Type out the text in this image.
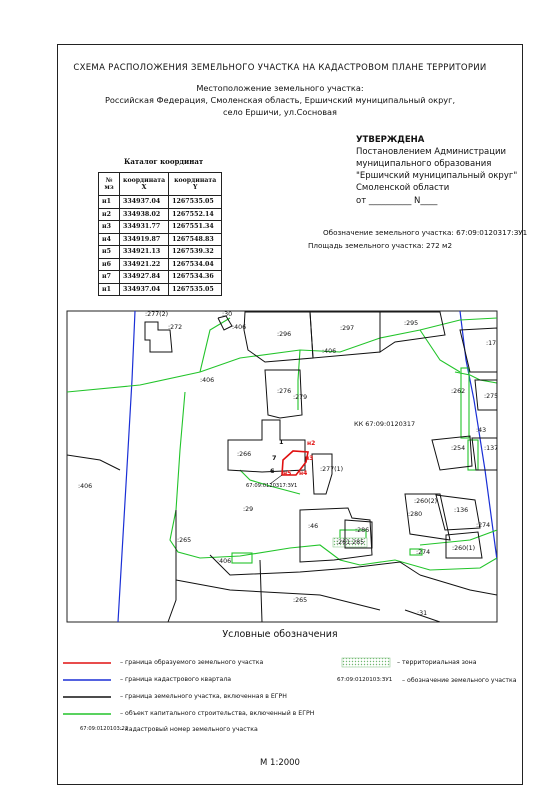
СХЕМА РАСПОЛОЖЕНИЯ ЗЕМЕЛЬНОГО УЧАСТКА НА КАДАСТРОВОМ ПЛАНЕ ТЕРРИТОРИИ
Местоположение земельного участка:
Российская Федерация, Смоленская область, Ершичский муниципальный округ,
село Ершичи, ул.Сосновая
УТВЕРЖДЕНА
Постановлением Администрации
муниципального образования
"Ершичский муниципальный округ"
Смоленской области
от __________ N____
Обозначение земельного участка: 67:09:0120317:ЗУ1
Площадь земельного участка: 272 м2
Каталог координат
№ мз	координата X	координата Y
н1	334937.04	1267535.05
н2	334938.02	1267552.14
н3	334931.77	1267551.34
н4	334919.87	1267548.83
н5	334921.13	1267539.32
н6	334921.22	1267534.04
н7	334927.84	1267534.36
н1	334937.04	1267535.05
:30
:277(2)
:272	:406
:296
:297
:295
:17
:406
:406
:262
:275
:276
:279
:266
:277(1)
:254
:43
:137
:406
:260(2)
:280
:136
:29
:46
:286
:265	:261 :285
:274
:274
:260(1)
:406
:265
:31
КК 67:09:0120317
67:09:0120317:ЗУ1
1
7
6
н2
н3
н4
н5
Условные обозначения
– граница образуемого земельного участка
– граница кадастрового квартала
– граница земельного участка, включенная в ЕГРН
– объект капитального строительства, включенный в ЕГРН
67:09:0120103:23
– кадастровый номер земельного участка
– территориальная зона
67:09:0120103:ЗУ1 – обозначение земельного участка
М 1:2000
